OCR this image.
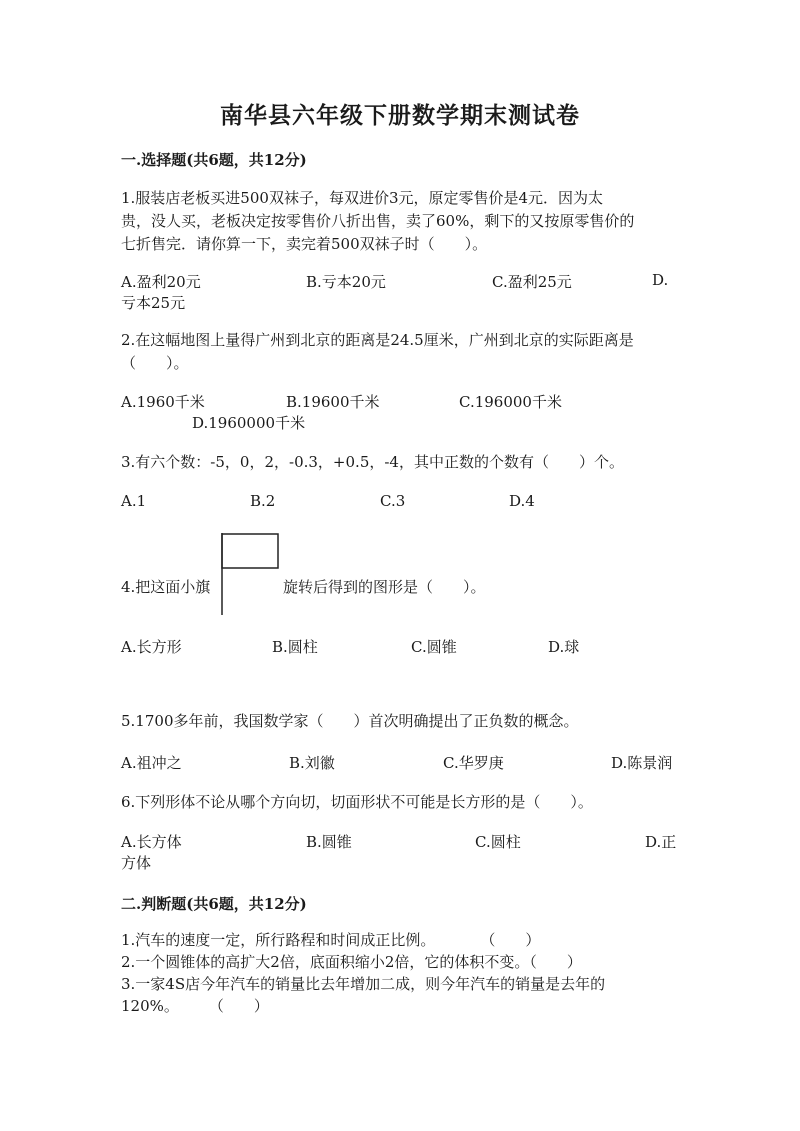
南华县六年级下册数学期末测试卷
一.选择题(共6题，共12分)
1.服装店老板买进500双袜子，每双进价3元，原定零售价是4元．因为太
贵，没人买，老板决定按零售价八折出售，卖了60%，剩下的又按原零售价的
七折售完．请你算一下，卖完着500双袜子时（　　）。
A.盈利20元	B.亏本20元	C.盈利25元	D.
亏本25元
2.在这幅地图上量得广州到北京的距离是24.5厘米，广州到北京的实际距离是
（　　）。
A.1960千米	B.19600千米	C.196000千米
D.1960000千米
3.有六个数：-5，0，2，-0.3，+0.5，-4，其中正数的个数有（　　）个。
A.1	B.2	C.3	D.4
4.把这面小旗	旋转后得到的图形是（　　）。
A.长方形	B.圆柱	C.圆锥	D.球
5.1700多年前，我国数学家（　　）首次明确提出了正负数的概念。
A.祖冲之	B.刘徽	C.华罗庚	D.陈景润
6.下列形体不论从哪个方向切，切面形状不可能是长方形的是（　　）。
A.长方体	B.圆锥	C.圆柱	D.正
方体
二.判断题(共6题，共12分)
1.汽车的速度一定，所行路程和时间成正比例。　　　　（　　）
2.一个圆锥体的高扩大2倍，底面积缩小2倍，它的体积不变。（　　）
3.一家4S店今年汽车的销量比去年增加二成，则今年汽车的销量是去年的
120%。　　　（　　）
